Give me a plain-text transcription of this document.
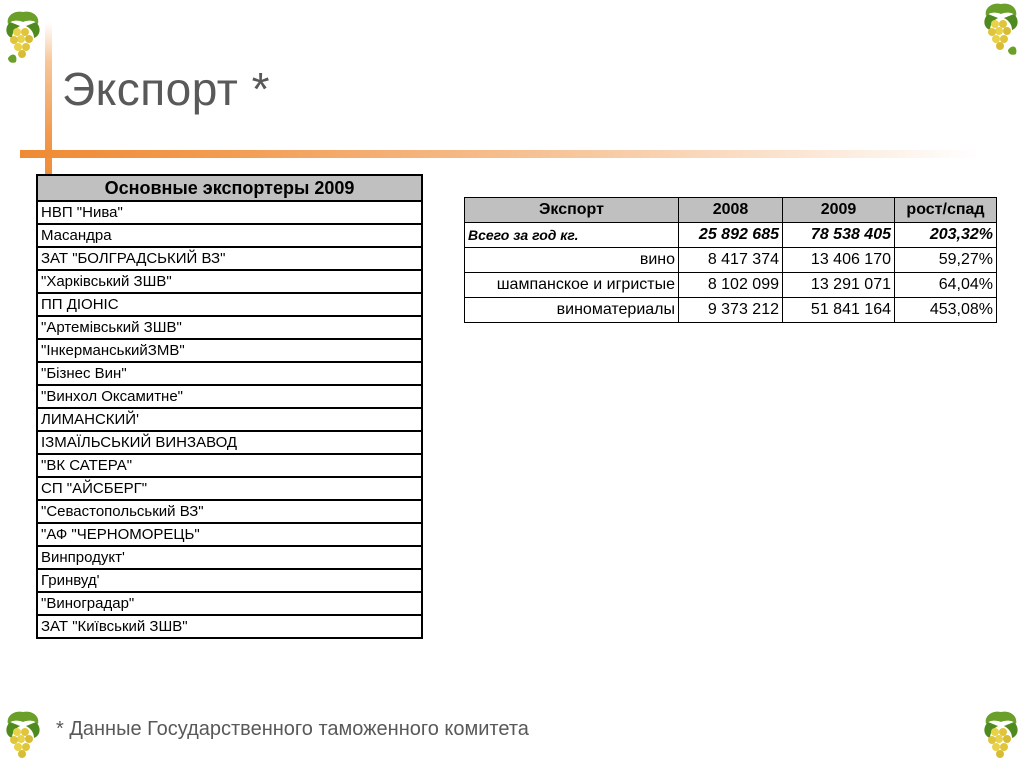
Экспорт *
Основные экспортеры 2009
НВП "Нива"
Масандра
ЗАТ "БОЛГРАДСЬКИЙ ВЗ"
"Харківський ЗШВ"
ПП ДІОНІС
"Артемівський ЗШВ"
"ІнкерманськийЗМВ"
"Бізнес Вин"
"Винхол Оксамитне"
ЛИМАНСКИЙ'
ІЗМАЇЛЬСЬКИЙ ВИНЗАВОД
"ВК САТЕРА"
СП "АЙСБЕРГ"
"Севастопольський ВЗ"
"АФ "ЧЕРНОМОРЕЦЬ"
Винпродукт'
Гринвуд'
"Виноградар"
ЗАТ "Київський ЗШВ"
Экспорт	2008	2009	рост/спад
Всего за год кг.	25 892 685	78 538 405	203,32%
вино	8 417 374	13 406 170	59,27%
шампанское и игристые	8 102 099	13 291 071	64,04%
виноматериалы	9 373 212	51 841 164	453,08%
* Данные Государственного таможенного комитета
